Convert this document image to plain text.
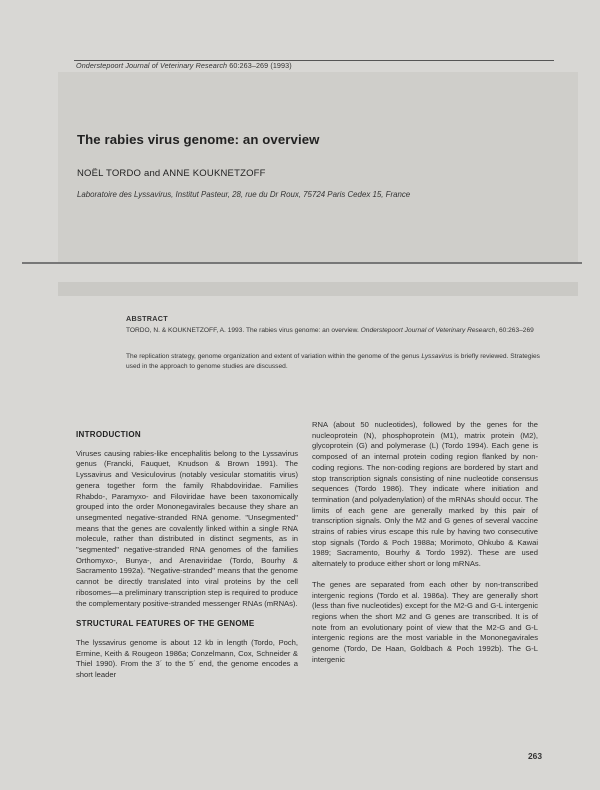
Onderstepoort Journal of Veterinary Research 60:263–269 (1993)
The rabies virus genome: an overview
NOËL TORDO and ANNE KOUKNETZOFF
Laboratoire des Lyssavirus, Institut Pasteur, 28, rue du Dr Roux, 75724 Paris Cedex 15, France
ABSTRACT
TORDO, N. & KOUKNETZOFF, A. 1993. The rabies virus genome: an overview. Onderstepoort Journal of Veterinary Research, 60:263–269
The replication strategy, genome organization and extent of variation within the genome of the genus Lyssavirus is briefly reviewed. Strategies used in the approach to genome studies are discussed.
INTRODUCTION

Viruses causing rabies-like encephalitis belong to the Lyssavirus genus (Francki, Fauquet, Knudson & Brown 1991). The Lyssavirus and Vesiculovirus (notably vesicular stomatitis virus) genera together form the family Rhabdoviridae. Families Rhabdo-, Paramyxo- and Filoviridae have been taxonomically grouped into the order Mononegavirales because they share an unsegmented negative-stranded RNA genome. "Unsegmented" means that the genes are covalently linked within a single RNA molecule, rather than distributed in distinct segments, as in "segmented" negative-stranded RNA genomes of the families Orthomyxo-, Bunya-, and Arenaviridae (Tordo, Bourhy & Sacramento 1992a). "Negative-stranded" means that the genome cannot be directly translated into viral proteins by the cell ribosomes—a preliminary transcription step is required to produce the complementary positive-stranded messenger RNAs (mRNAs).

STRUCTURAL FEATURES OF THE GENOME

The lyssavirus genome is about 12 kb in length (Tordo, Poch, Ermine, Keith & Rougeon 1986a; Conzelmann, Cox, Schneider & Thiel 1990). From the 3´ to the 5´ end, the genome encodes a short leader

RNA (about 50 nucleotides), followed by the genes for the nucleoprotein (N), phosphoprotein (M1), matrix protein (M2), glycoprotein (G) and polymerase (L) (Tordo 1994). Each gene is composed of an internal protein coding region flanked by non-coding regions. The non-coding regions are bordered by start and stop transcription signals consisting of nine nucleotide consensus sequences (Tordo 1986). They indicate where initiation and termination (and polyadenylation) of the mRNAs should occur. The limits of each gene are generally marked by this pair of transcription signals. Only the M2 and G genes of several vaccine strains of rabies virus escape this rule by having two consecutive stop signals (Tordo & Poch 1988a; Morimoto, Ohkubo & Kawai 1989; Sacramento, Bourhy & Tordo 1992). These are used alternately to produce either short or long mRNAs.

The genes are separated from each other by non-transcribed intergenic regions (Tordo et al. 1986a). They are generally short (less than five nucleotides) except for the M2-G and G-L intergenic regions when the short M2 and G genes are transcribed. It is of note from an evolutionary point of view that the M2-G and G-L intergenic regions are the most variable in the Mononegavirales genome (Tordo, De Haan, Goldbach & Poch 1992b). The G-L intergenic

263
